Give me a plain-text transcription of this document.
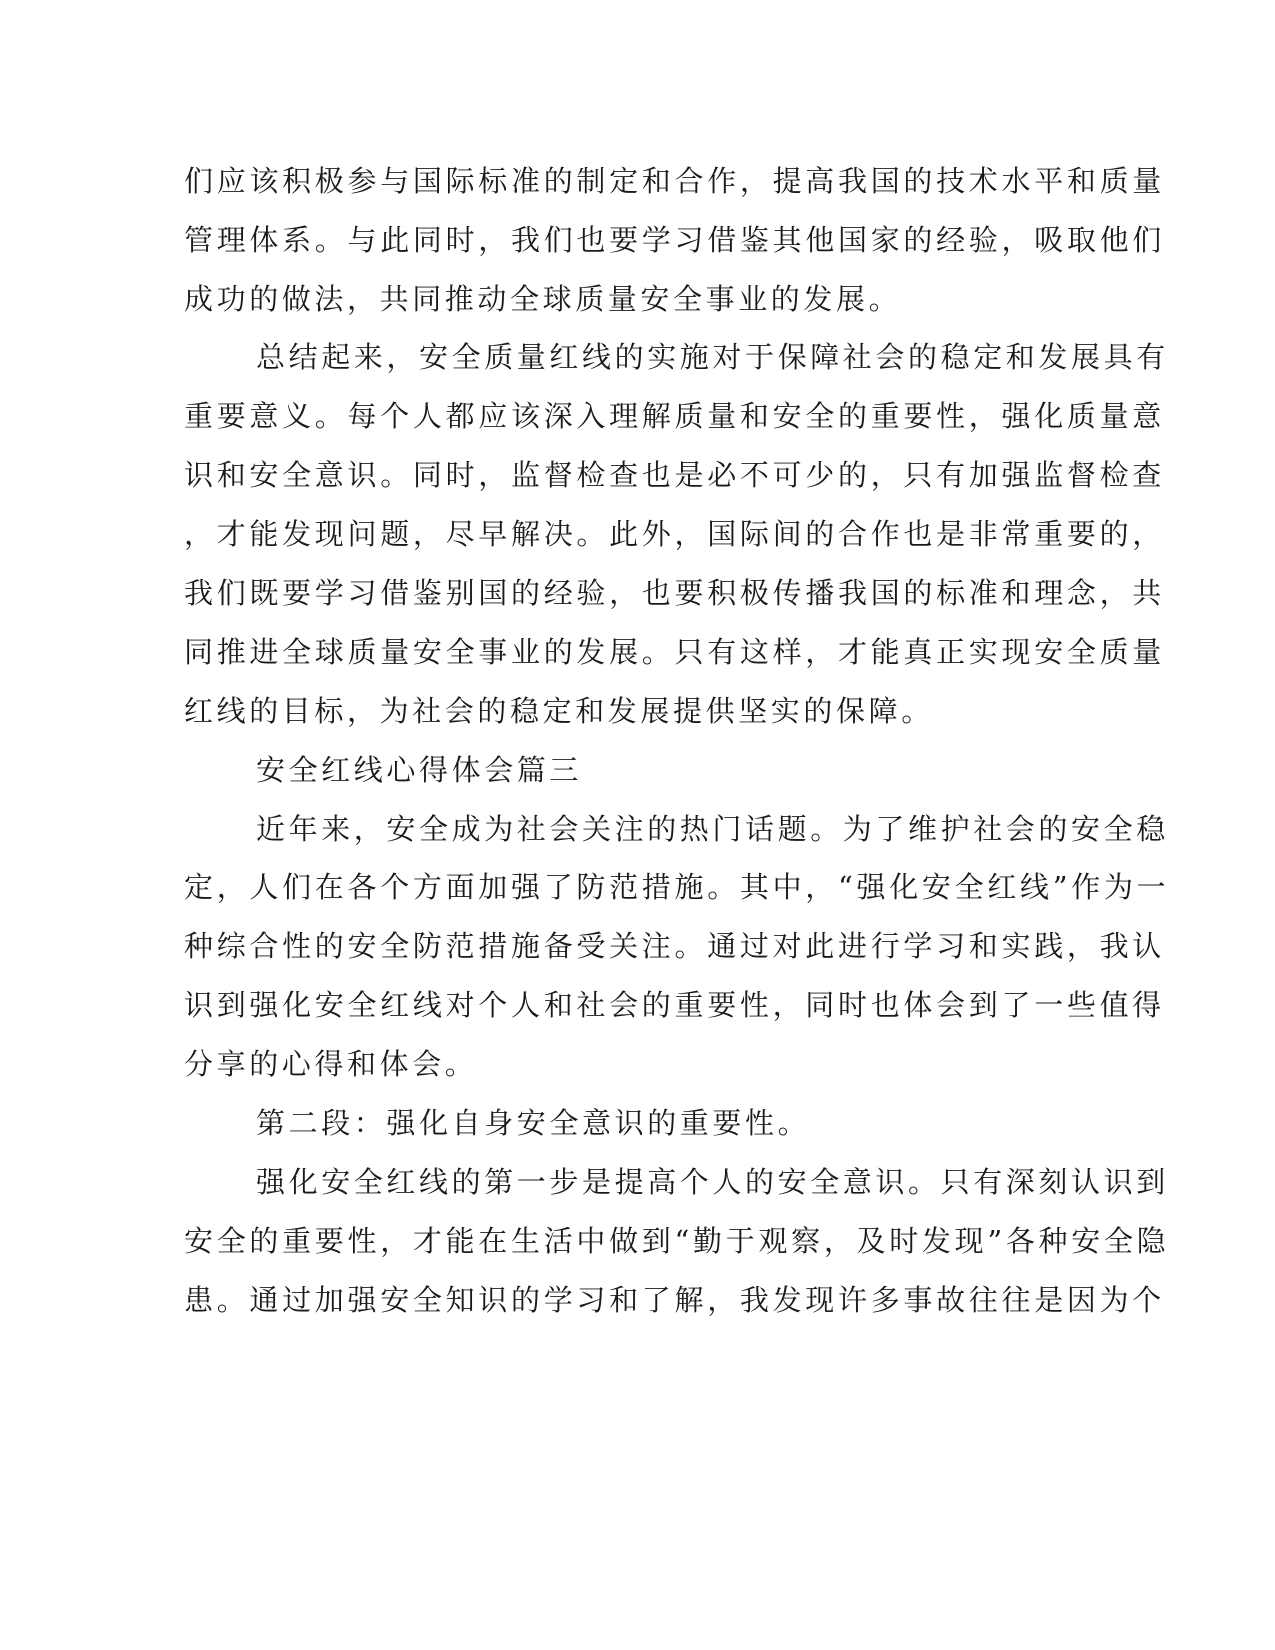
们应该积极参与国际标准的制定和合作，提高我国的技术水平和质量

管理体系。与此同时，我们也要学习借鉴其他国家的经验，吸取他们

成功的做法，共同推动全球质量安全事业的发展。

总结起来，安全质量红线的实施对于保障社会的稳定和发展具有

重要意义。每个人都应该深入理解质量和安全的重要性，强化质量意

识和安全意识。同时，监督检查也是必不可少的，只有加强监督检查

，才能发现问题，尽早解决。此外，国际间的合作也是非常重要的，

我们既要学习借鉴别国的经验，也要积极传播我国的标准和理念，共

同推进全球质量安全事业的发展。只有这样，才能真正实现安全质量

红线的目标，为社会的稳定和发展提供坚实的保障。

安全红线心得体会篇三

近年来，安全成为社会关注的热门话题。为了维护社会的安全稳

定，人们在各个方面加强了防范措施。其中，“强化安全红线”作为一

种综合性的安全防范措施备受关注。通过对此进行学习和实践，我认

识到强化安全红线对个人和社会的重要性，同时也体会到了一些值得

分享的心得和体会。

第二段：强化自身安全意识的重要性。

强化安全红线的第一步是提高个人的安全意识。只有深刻认识到

安全的重要性，才能在生活中做到“勤于观察，及时发现”各种安全隐

患。通过加强安全知识的学习和了解，我发现许多事故往往是因为个
